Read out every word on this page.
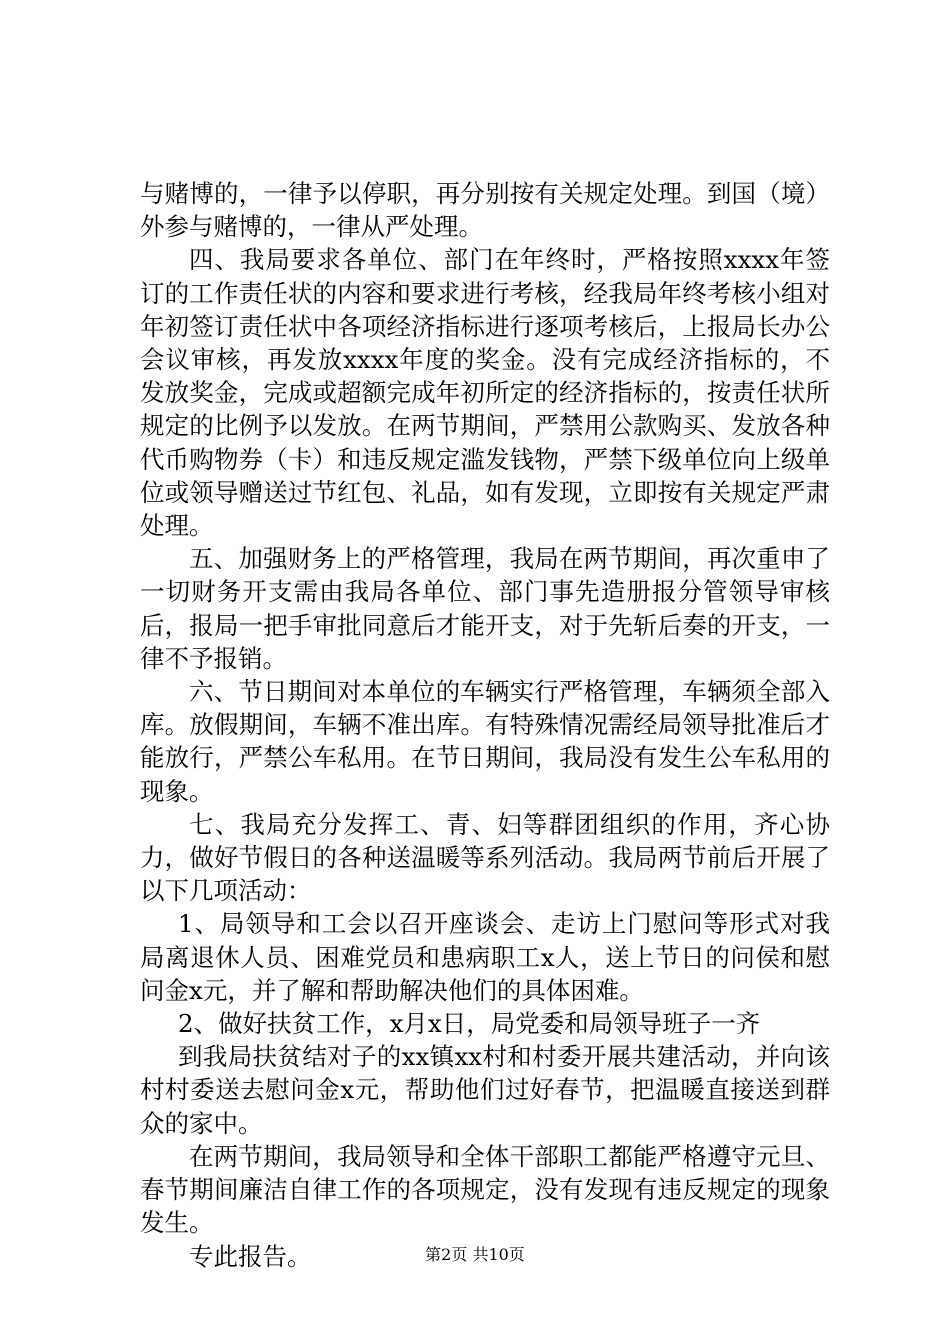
与赌博的，一律予以停职，再分别按有关规定处理。到国（境）外参与赌博的，一律从严处理。

四、我局要求各单位、部门在年终时，严格按照xxxx年签订的工作责任状的内容和要求进行考核，经我局年终考核小组对年初签订责任状中各项经济指标进行逐项考核后，上报局长办公会议审核，再发放xxxx年度的奖金。没有完成经济指标的，不发放奖金，完成或超额完成年初所定的经济指标的，按责任状所规定的比例予以发放。在两节期间，严禁用公款购买、发放各种代币购物券（卡）和违反规定滥发钱物，严禁下级单位向上级单位或领导赠送过节红包、礼品，如有发现，立即按有关规定严肃处理。

五、加强财务上的严格管理，我局在两节期间，再次重申了一切财务开支需由我局各单位、部门事先造册报分管领导审核后，报局一把手审批同意后才能开支，对于先斩后奏的开支，一律不予报销。

六、节日期间对本单位的车辆实行严格管理，车辆须全部入库。放假期间，车辆不准出库。有特殊情况需经局领导批准后才能放行，严禁公车私用。在节日期间，我局没有发生公车私用的现象。

七、我局充分发挥工、青、妇等群团组织的作用，齐心协力，做好节假日的各种送温暖等系列活动。我局两节前后开展了以下几项活动：

1、局领导和工会以召开座谈会、走访上门慰问等形式对我局离退休人员、困难党员和患病职工x人，送上节日的问侯和慰问金x元，并了解和帮助解决他们的具体困难。

2、做好扶贫工作，x月x日，局党委和局领导班子一齐

到我局扶贫结对子的xx镇xx村和村委开展共建活动，并向该村村委送去慰问金x元，帮助他们过好春节，把温暖直接送到群众的家中。

在两节期间，我局领导和全体干部职工都能严格遵守元旦、春节期间廉洁自律工作的各项规定，没有发现有违反规定的现象发生。

专此报告。	第2页 共10页
